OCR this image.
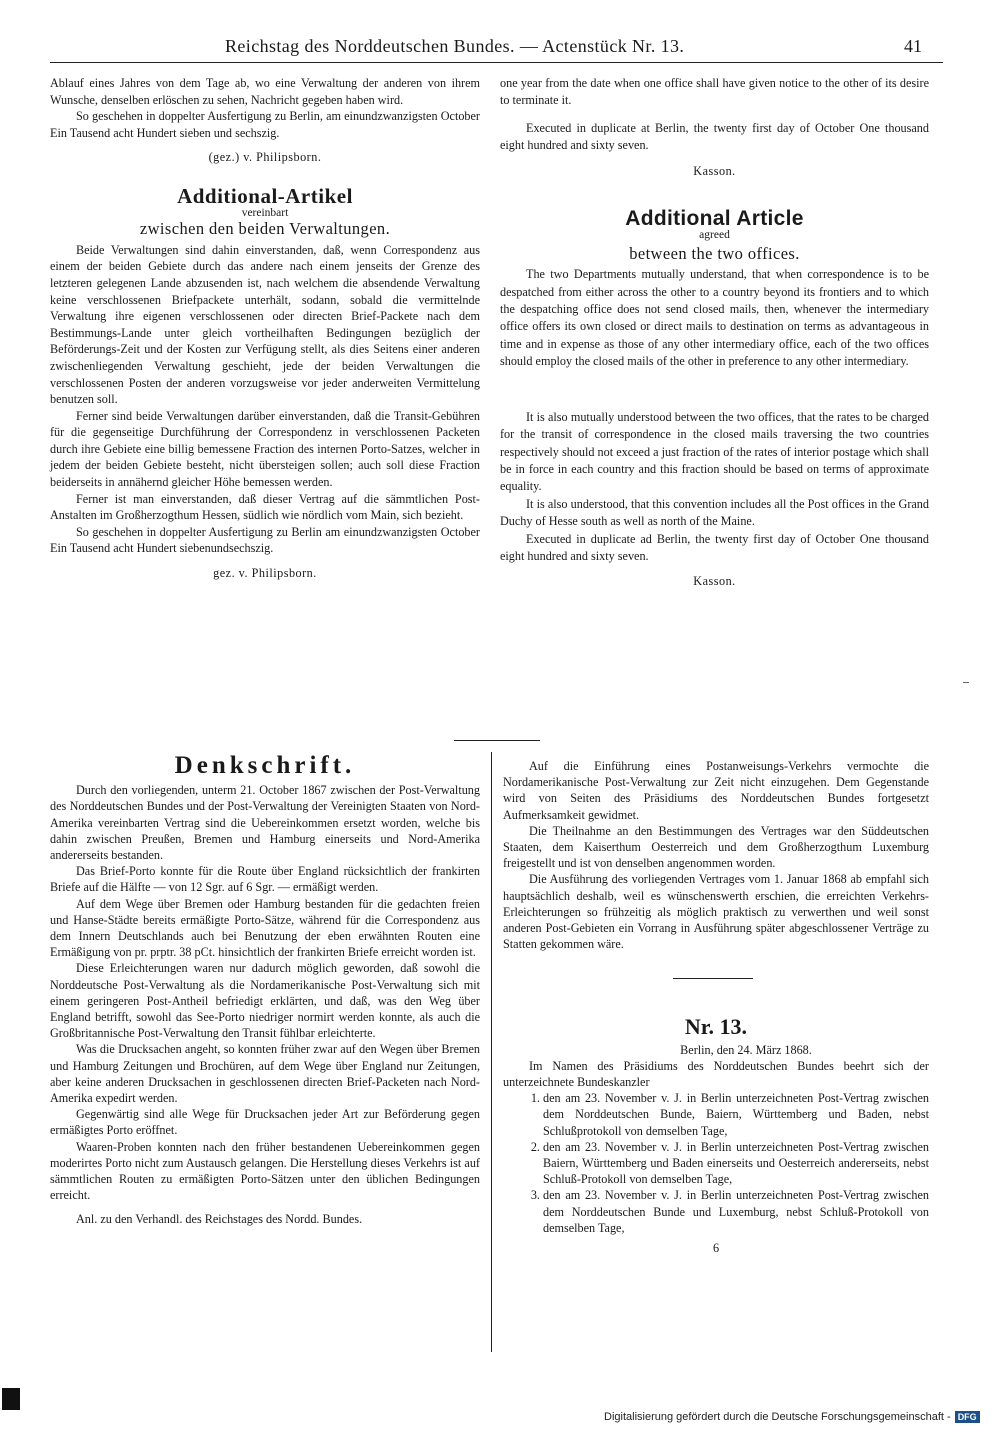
Reichstag des Norddeutschen Bundes. — Actenstück Nr. 13.	41

Ablauf eines Jahres von dem Tage ab, wo eine Verwaltung der anderen von ihrem Wunsche, denselben erlöschen zu sehen, Nachricht gegeben haben wird.

So geschehen in doppelter Ausfertigung zu Berlin, am einundzwanzigsten October Ein Tausend acht Hundert sieben und sechszig.

(gez.) v. Philipsborn.

Additional-Artikel

vereinbart

zwischen den beiden Verwaltungen.

Beide Verwaltungen sind dahin einverstanden, daß, wenn Correspondenz aus einem der beiden Gebiete durch das andere nach einem jenseits der Grenze des letzteren gelegenen Lande abzusenden ist, nach welchem die absendende Verwaltung keine verschlossenen Briefpackete unterhält, sodann, sobald die vermittelnde Verwaltung ihre eigenen verschlossenen oder directen Brief-Packete nach dem Bestimmungs-Lande unter gleich vortheilhaften Bedingungen bezüglich der Beförderungs-Zeit und der Kosten zur Verfügung stellt, als dies Seitens einer anderen zwischenliegenden Verwaltung geschieht, jede der beiden Verwaltungen die verschlossenen Posten der anderen vorzugsweise vor jeder anderweiten Vermittelung benutzen soll.

Ferner sind beide Verwaltungen darüber einverstanden, daß die Transit-Gebühren für die gegenseitige Durchführung der Correspondenz in verschlossenen Packeten durch ihre Gebiete eine billig bemessene Fraction des internen Porto-Satzes, welcher in jedem der beiden Gebiete besteht, nicht übersteigen sollen; auch soll diese Fraction beiderseits in annähernd gleicher Höhe bemessen werden.

Ferner ist man einverstanden, daß dieser Vertrag auf die sämmtlichen Post-Anstalten im Großherzogthum Hessen, südlich wie nördlich vom Main, sich bezieht.

So geschehen in doppelter Ausfertigung zu Berlin am einundzwanzigsten October Ein Tausend acht Hundert siebenundsechszig.

gez. v. Philipsborn.

one year from the date when one office shall have given notice to the other of its desire to terminate it.

Executed in duplicate at Berlin, the twenty first day of October One thousand eight hundred and sixty seven.

Kasson.

Additional Article

agreed

between the two offices.

The two Departments mutually understand, that when correspondence is to be despatched from either across the other to a country beyond its frontiers and to which the despatching office does not send closed mails, then, whenever the intermediary office offers its own closed or direct mails to destination on terms as advantageous in time and in expense as those of any other intermediary office, each of the two offices should employ the closed mails of the other in preference to any other intermediary.

It is also mutually understood between the two offices, that the rates to be charged for the transit of correspondence in the closed mails traversing the two countries respectively should not exceed a just fraction of the rates of interior postage which shall be in force in each country and this fraction should be based on terms of approximate equality.

It is also understood, that this convention includes all the Post offices in the Grand Duchy of Hesse south as well as north of the Maine.

Executed in duplicate ad Berlin, the twenty first day of October One thousand eight hundred and sixty seven.

Kasson.

Denkschrift.

Durch den vorliegenden, unterm 21. October 1867 zwischen der Post-Verwaltung des Norddeutschen Bundes und der Post-Verwaltung der Vereinigten Staaten von Nord-Amerika vereinbarten Vertrag sind die Uebereinkommen ersetzt worden, welche bis dahin zwischen Preußen, Bremen und Hamburg einerseits und Nord-Amerika andererseits bestanden.

Das Brief-Porto konnte für die Route über England rücksichtlich der frankirten Briefe auf die Hälfte — von 12 Sgr. auf 6 Sgr. — ermäßigt werden.

Auf dem Wege über Bremen oder Hamburg bestanden für die gedachten freien und Hanse-Städte bereits ermäßigte Porto-Sätze, während für die Correspondenz aus dem Innern Deutschlands auch bei Benutzung der eben erwähnten Routen eine Ermäßigung von pr. prptr. 38 pCt. hinsichtlich der frankirten Briefe erreicht worden ist.

Diese Erleichterungen waren nur dadurch möglich geworden, daß sowohl die Norddeutsche Post-Verwaltung als die Nordamerikanische Post-Verwaltung sich mit einem geringeren Post-Antheil befriedigt erklärten, und daß, was den Weg über England betrifft, sowohl das See-Porto niedriger normirt werden konnte, als auch die Großbritannische Post-Verwaltung den Transit fühlbar erleichterte.

Was die Drucksachen angeht, so konnten früher zwar auf den Wegen über Bremen und Hamburg Zeitungen und Brochüren, auf dem Wege über England nur Zeitungen, aber keine anderen Drucksachen in geschlossenen directen Brief-Packeten nach Nord-Amerika expedirt werden.

Gegenwärtig sind alle Wege für Drucksachen jeder Art zur Beförderung gegen ermäßigtes Porto eröffnet.

Waaren-Proben konnten nach den früher bestandenen Uebereinkommen gegen moderirtes Porto nicht zum Austausch gelangen. Die Herstellung dieses Verkehrs ist auf sämmtlichen Routen zu ermäßigten Porto-Sätzen unter den üblichen Bedingungen erreicht.

Anl. zu den Verhandl. des Reichstages des Nordd. Bundes.

Auf die Einführung eines Postanweisungs-Verkehrs vermochte die Nordamerikanische Post-Verwaltung zur Zeit nicht einzugehen. Dem Gegenstande wird von Seiten des Präsidiums des Norddeutschen Bundes fortgesetzt Aufmerksamkeit gewidmet.

Die Theilnahme an den Bestimmungen des Vertrages war den Süddeutschen Staaten, dem Kaiserthum Oesterreich und dem Großherzogthum Luxemburg freigestellt und ist von denselben angenommen worden.

Die Ausführung des vorliegenden Vertrages vom 1. Januar 1868 ab empfahl sich hauptsächlich deshalb, weil es wünschenswerth erschien, die erreichten Verkehrs-Erleichterungen so frühzeitig als möglich praktisch zu verwerthen und weil sonst anderen Post-Gebieten ein Vorrang in Ausführung später abgeschlossener Verträge zu Statten gekommen wäre.

Nr. 13.

Berlin, den 24. März 1868.

Im Namen des Präsidiums des Norddeutschen Bundes beehrt sich der unterzeichnete Bundeskanzler

1. den am 23. November v. J. in Berlin unterzeichneten Post-Vertrag zwischen dem Norddeutschen Bunde, Baiern, Württemberg und Baden, nebst Schlußprotokoll von demselben Tage,
2. den am 23. November v. J. in Berlin unterzeichneten Post-Vertrag zwischen Baiern, Württemberg und Baden einerseits und Oesterreich andererseits, nebst Schluß-Protokoll von demselben Tage,
3. den am 23. November v. J. in Berlin unterzeichneten Post-Vertrag zwischen dem Norddeutschen Bunde und Luxemburg, nebst Schluß-Protokoll von demselben Tage,

6

Digitalisierung gefördert durch die Deutsche Forschungsgemeinschaft - DFG
